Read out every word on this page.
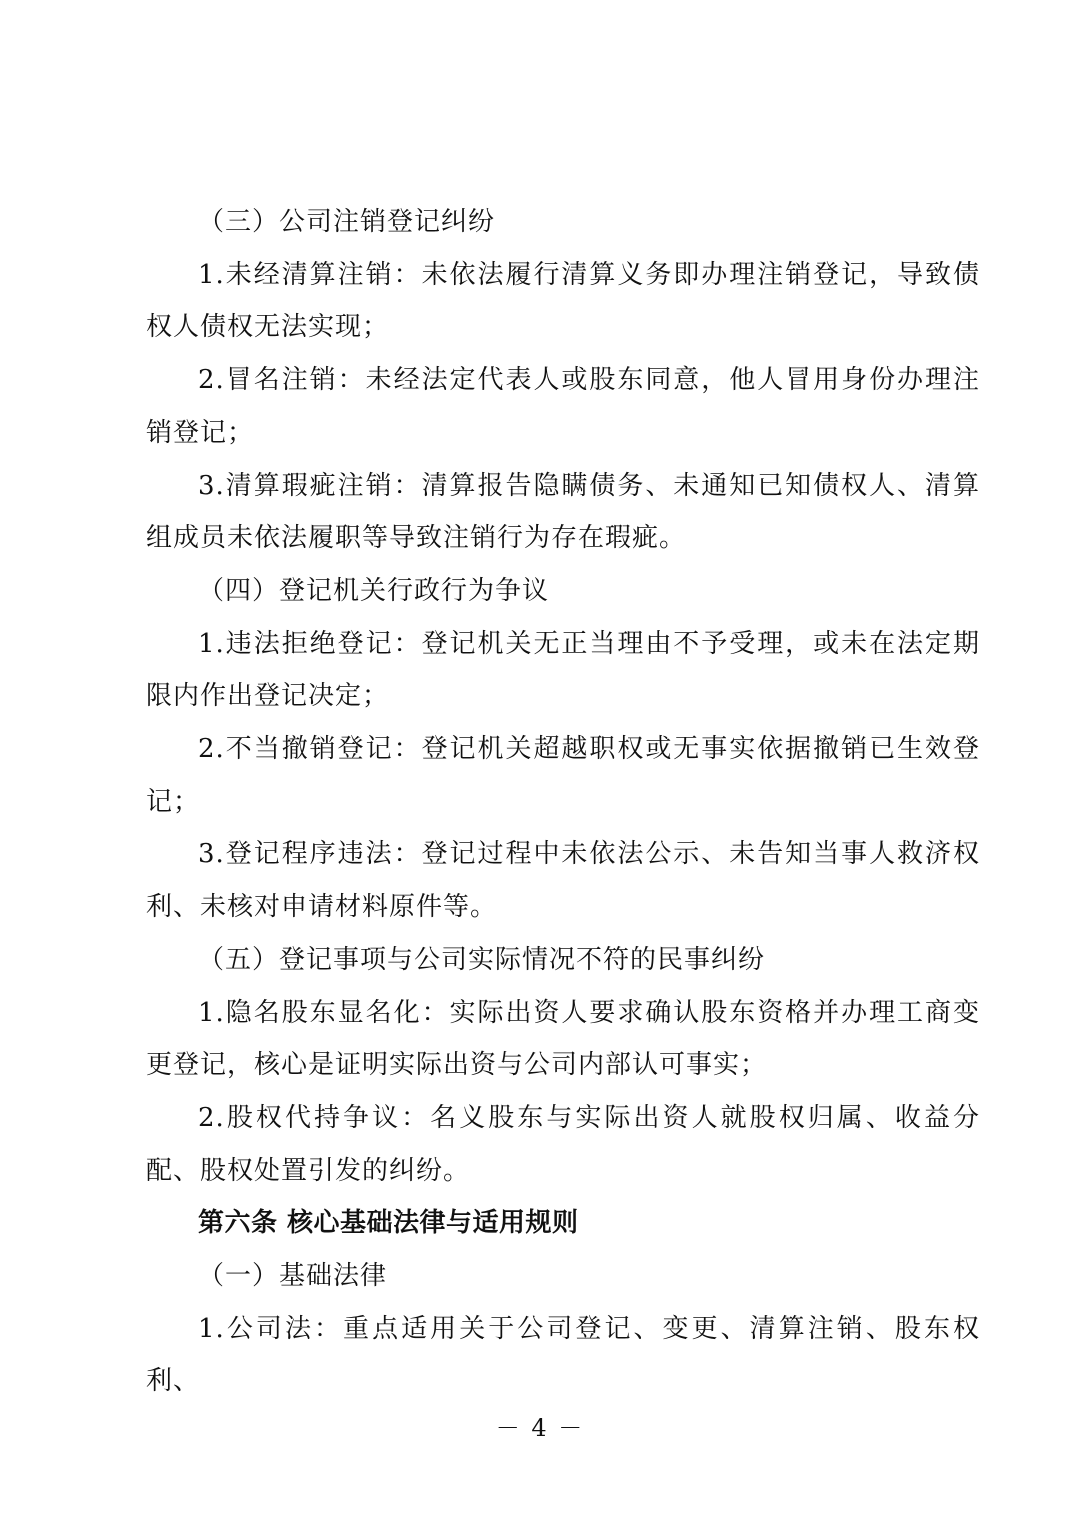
（三）公司注销登记纠纷

1.未经清算注销：未依法履行清算义务即办理注销登记，导致债权人债权无法实现；

2.冒名注销：未经法定代表人或股东同意，他人冒用身份办理注销登记；

3.清算瑕疵注销：清算报告隐瞒债务、未通知已知债权人、清算组成员未依法履职等导致注销行为存在瑕疵。

（四）登记机关行政行为争议

1.违法拒绝登记：登记机关无正当理由不予受理，或未在法定期限内作出登记决定；

2.不当撤销登记：登记机关超越职权或无事实依据撤销已生效登记；

3.登记程序违法：登记过程中未依法公示、未告知当事人救济权利、未核对申请材料原件等。

（五）登记事项与公司实际情况不符的民事纠纷

1.隐名股东显名化：实际出资人要求确认股东资格并办理工商变更登记，核心是证明实际出资与公司内部认可事实；

2.股权代持争议：名义股东与实际出资人就股权归属、收益分配、股权处置引发的纠纷。

第六条 核心基础法律与适用规则

（一）基础法律

1.公司法：重点适用关于公司登记、变更、清算注销、股东权利、

－ 4 －
